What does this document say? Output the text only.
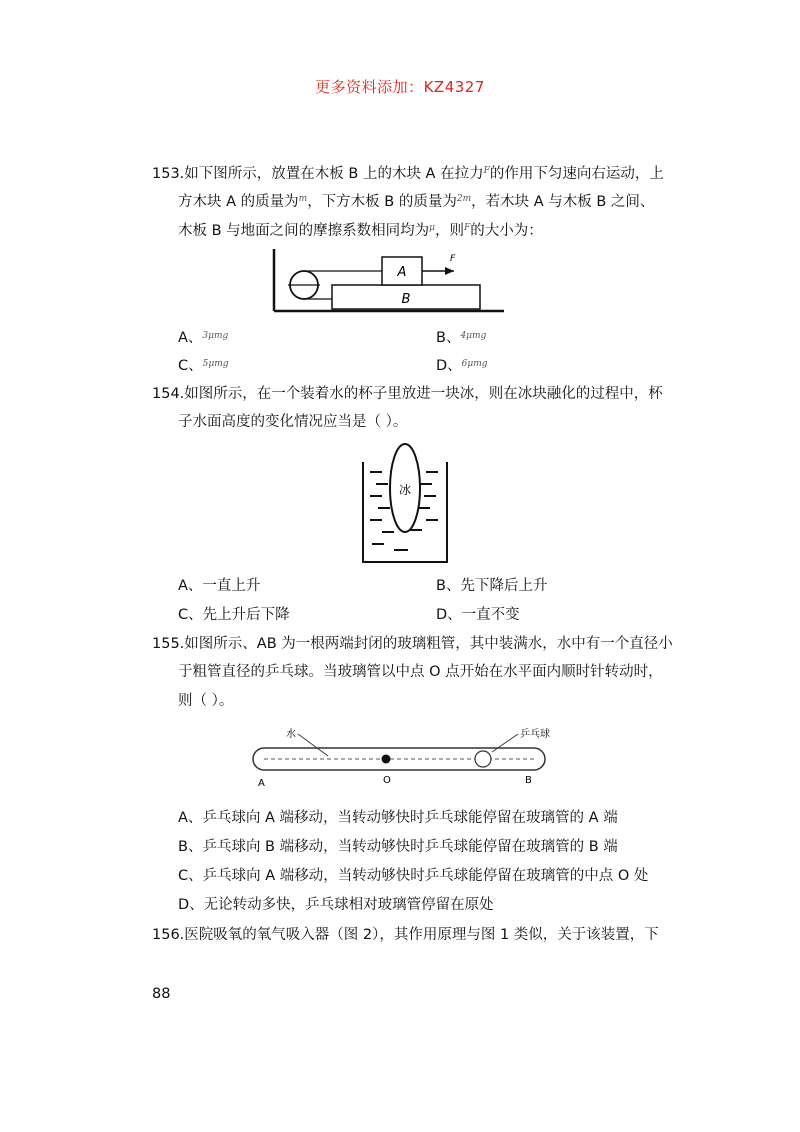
更多资料添加：KZ4327
153.如下图所示，放置在木板 B 上的木块 A 在拉力$^F$的作用下匀速向右运动，上
方木块 A 的质量为$^m$，下方木板 B 的质量为$^{2m}$，若木块 A 与木板 B 之间、
木板 B 与地面之间的摩擦系数相同均为$^\mu$，则$^F$的大小为：
A
B
F
A、$^{3\mu mg}$	B、$^{4\mu mg}$
C、$^{5\mu mg}$	D、$^{6\mu mg}$
154.如图所示，在一个装着水的杯子里放进一块冰，则在冰块融化的过程中，杯
子水面高度的变化情况应当是（ ）。
冰
A、一直上升	B、先下降后上升
C、先上升后下降	D、一直不变
155.如图所示、AB 为一根两端封闭的玻璃粗管，其中装满水，水中有一个直径小
于粗管直径的乒乓球。当玻璃管以中点 O 点开始在水平面内顺时针转动时，
则（ ）。
水	乒乓球
A	O	B
A、乒乓球向 A 端移动，当转动够快时乒乓球能停留在玻璃管的 A 端
B、乒乓球向 B 端移动，当转动够快时乒乓球能停留在玻璃管的 B 端
C、乒乓球向 A 端移动，当转动够快时乒乓球能停留在玻璃管的中点 O 处
D、无论转动多快，乒乓球相对玻璃管停留在原处
156.医院吸氧的氧气吸入器（图 2），其作用原理与图 1 类似，关于该装置，下
88
